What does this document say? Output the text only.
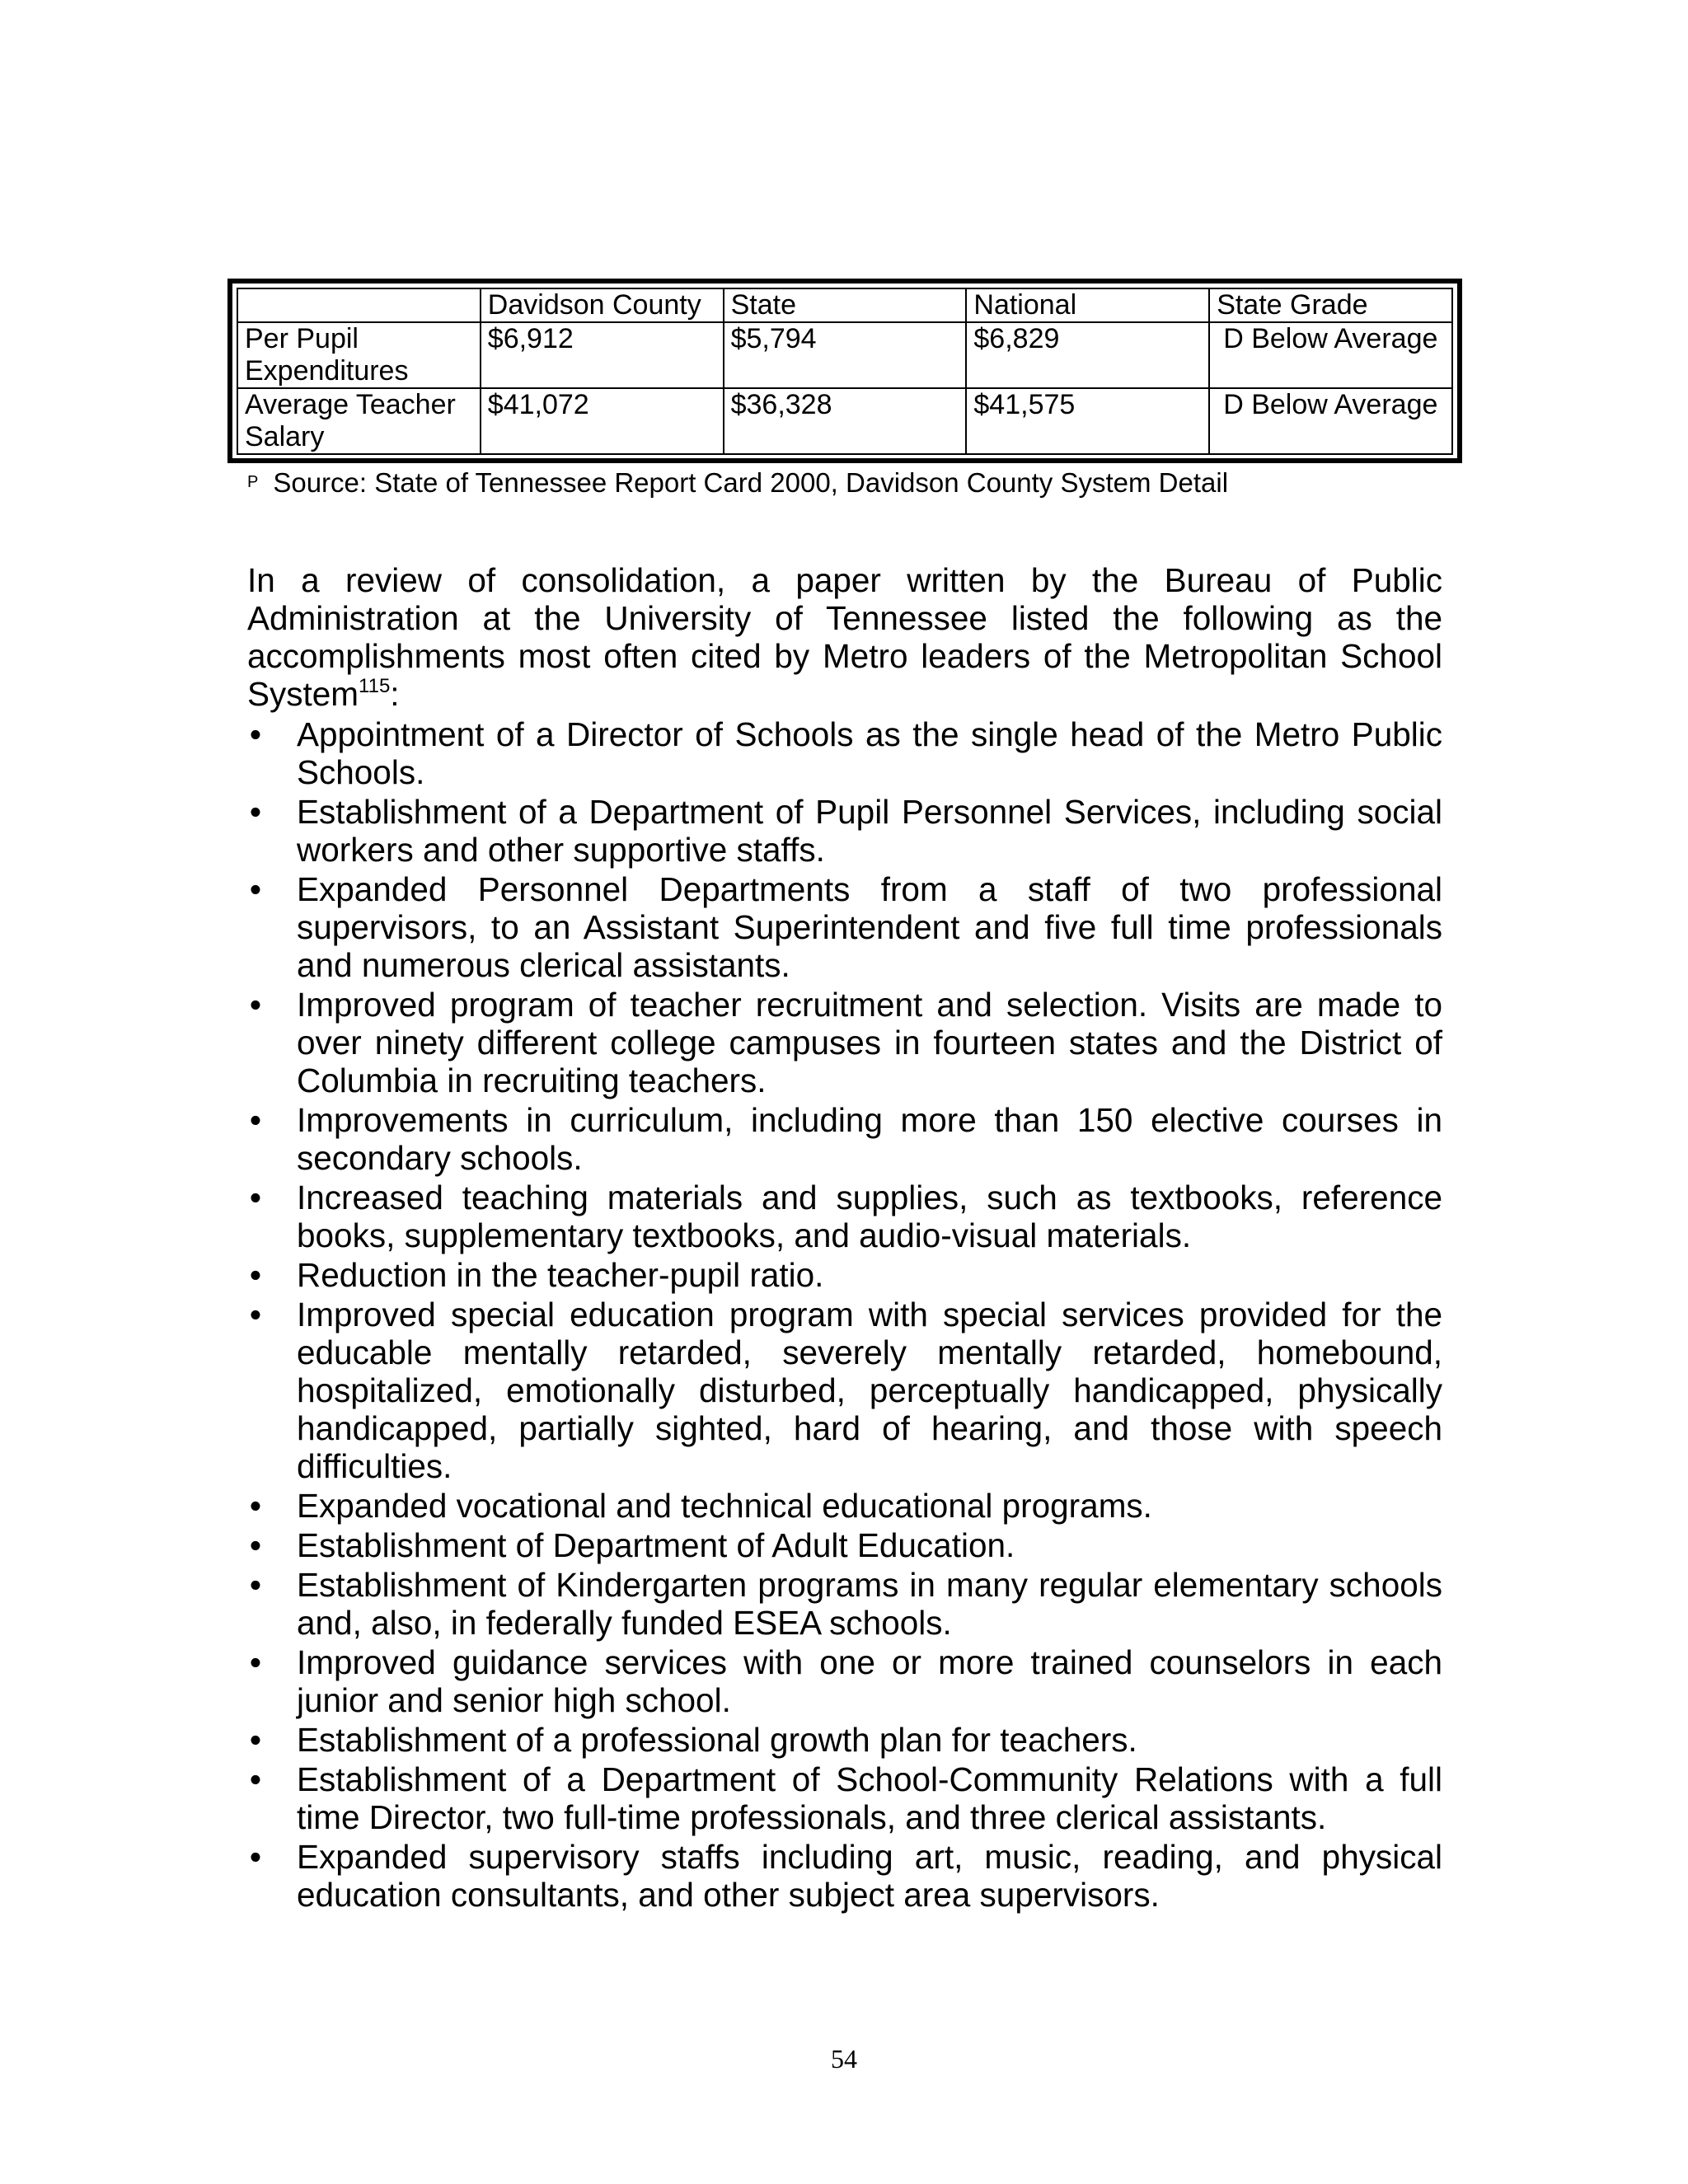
	Davidson County	State	National	State Grade
Per Pupil Expenditures	$6,912	$5,794	$6,829	D Below Average
Average Teacher Salary	$41,072	$36,328	$41,575	D Below Average
P Source: State of Tennessee Report Card 2000, Davidson County System Detail

In a review of consolidation, a paper written by the Bureau of Public Administration at the University of Tennessee listed the following as the accomplishments most often cited by Metro leaders of the Metropolitan School System$^{115}$:

• Appointment of a Director of Schools as the single head of the Metro Public Schools.
• Establishment of a Department of Pupil Personnel Services, including social workers and other supportive staffs.
• Expanded Personnel Departments from a staff of two professional supervisors, to an Assistant Superintendent and five full time professionals and numerous clerical assistants.
• Improved program of teacher recruitment and selection. Visits are made to over ninety different college campuses in fourteen states and the District of Columbia in recruiting teachers.
• Improvements in curriculum, including more than 150 elective courses in secondary schools.
• Increased teaching materials and supplies, such as textbooks, reference books, supplementary textbooks, and audio-visual materials.
• Reduction in the teacher-pupil ratio.
• Improved special education program with special services provided for the educable mentally retarded, severely mentally retarded, homebound, hospitalized, emotionally disturbed, perceptually handicapped, physically handicapped, partially sighted, hard of hearing, and those with speech difficulties.
• Expanded vocational and technical educational programs.
• Establishment of Department of Adult Education.
• Establishment of Kindergarten programs in many regular elementary schools and, also, in federally funded ESEA schools.
• Improved guidance services with one or more trained counselors in each junior and senior high school.
• Establishment of a professional growth plan for teachers.
• Establishment of a Department of School-Community Relations with a full time Director, two full-time professionals, and three clerical assistants.
• Expanded supervisory staffs including art, music, reading, and physical education consultants, and other subject area supervisors.
54
